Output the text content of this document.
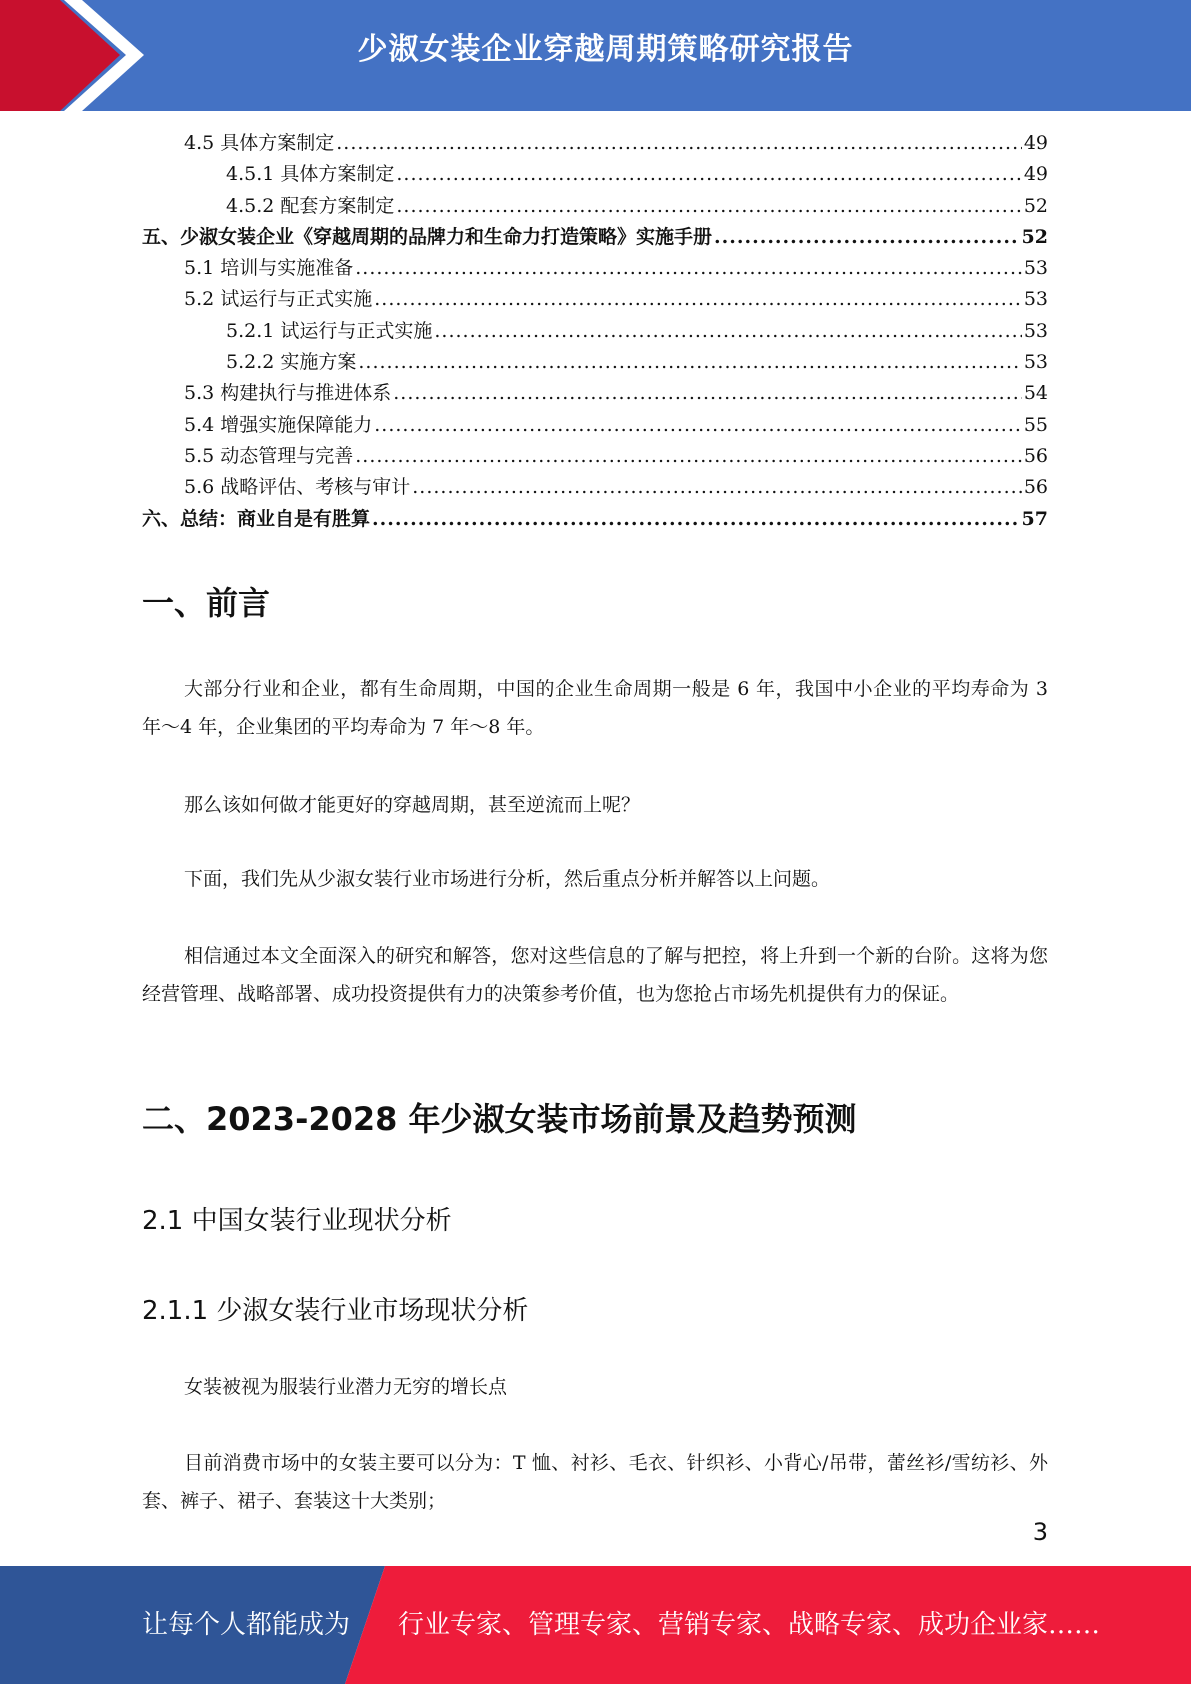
少淑女装企业穿越周期策略研究报告
4.5 具体方案制定 .....	49
4.5.1 具体方案制定 .....	49
4.5.2 配套方案制定 .....	52
五、少淑女装企业《穿越周期的品牌力和生命力打造策略》实施手册 .....	52
5.1 培训与实施准备 .....	53
5.2 试运行与正式实施 .....	53
5.2.1 试运行与正式实施 .....	53
5.2.2 实施方案 .....	53
5.3 构建执行与推进体系 .....	54
5.4 增强实施保障能力 .....	55
5.5 动态管理与完善 .....	56
5.6 战略评估、考核与审计 .....	56
六、总结：商业自是有胜算 .....	57
一、前言
大部分行业和企业，都有生命周期，中国的企业生命周期一般是 6 年，我国中小企业的平均寿命为 3 年～4 年，企业集团的平均寿命为 7 年～8 年。
那么该如何做才能更好的穿越周期，甚至逆流而上呢？
下面，我们先从少淑女装行业市场进行分析，然后重点分析并解答以上问题。
相信通过本文全面深入的研究和解答，您对这些信息的了解与把控，将上升到一个新的台阶。这将为您经营管理、战略部署、成功投资提供有力的决策参考价值，也为您抢占市场先机提供有力的保证。
二、2023-2028 年少淑女装市场前景及趋势预测
2.1 中国女装行业现状分析
2.1.1 少淑女装行业市场现状分析
女装被视为服装行业潜力无穷的增长点
目前消费市场中的女装主要可以分为：T 恤、衬衫、毛衣、针织衫、小背心/吊带，蕾丝衫/雪纺衫、外套、裤子、裙子、套装这十大类别；
3
让每个人都能成为 行业专家、管理专家、营销专家、战略专家、成功企业家……
